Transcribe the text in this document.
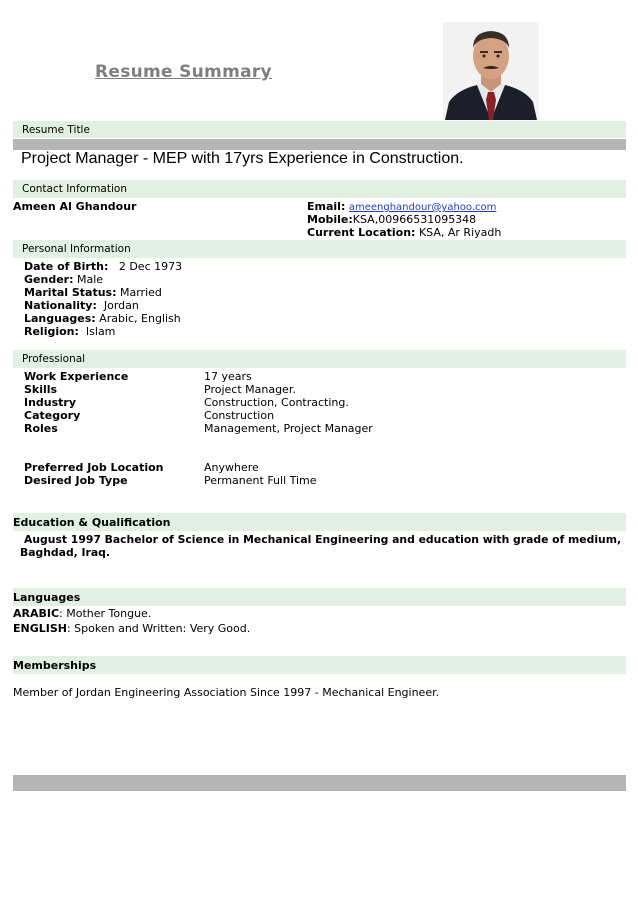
Resume Summary
Resume Title
Project Manager - MEP with 17yrs Experience in Construction.
Contact Information
Ameen Al Ghandour	Email: ameenghandour@yahoo.com
Mobile:KSA,00966531095348
Current Location: KSA, Ar Riyadh
Personal Information
Date of Birth: 2 Dec 1973
Gender: Male
Marital Status: Married
Nationality: Jordan
Languages: Arabic, English
Religion: Islam
Professional
Work Experience	17 years
Skills	Project Manager.
Industry	Construction, Contracting.
Category	Construction
Roles	Management, Project Manager
Preferred Job Location	Anywhere
Desired Job Type	Permanent Full Time
Education & Qualification
August 1997 Bachelor of Science in Mechanical Engineering and education with grade of medium,
Baghdad, Iraq.
Languages
ARABIC: Mother Tongue.
ENGLISH: Spoken and Written: Very Good.
Memberships
Member of Jordan Engineering Association Since 1997 - Mechanical Engineer.
